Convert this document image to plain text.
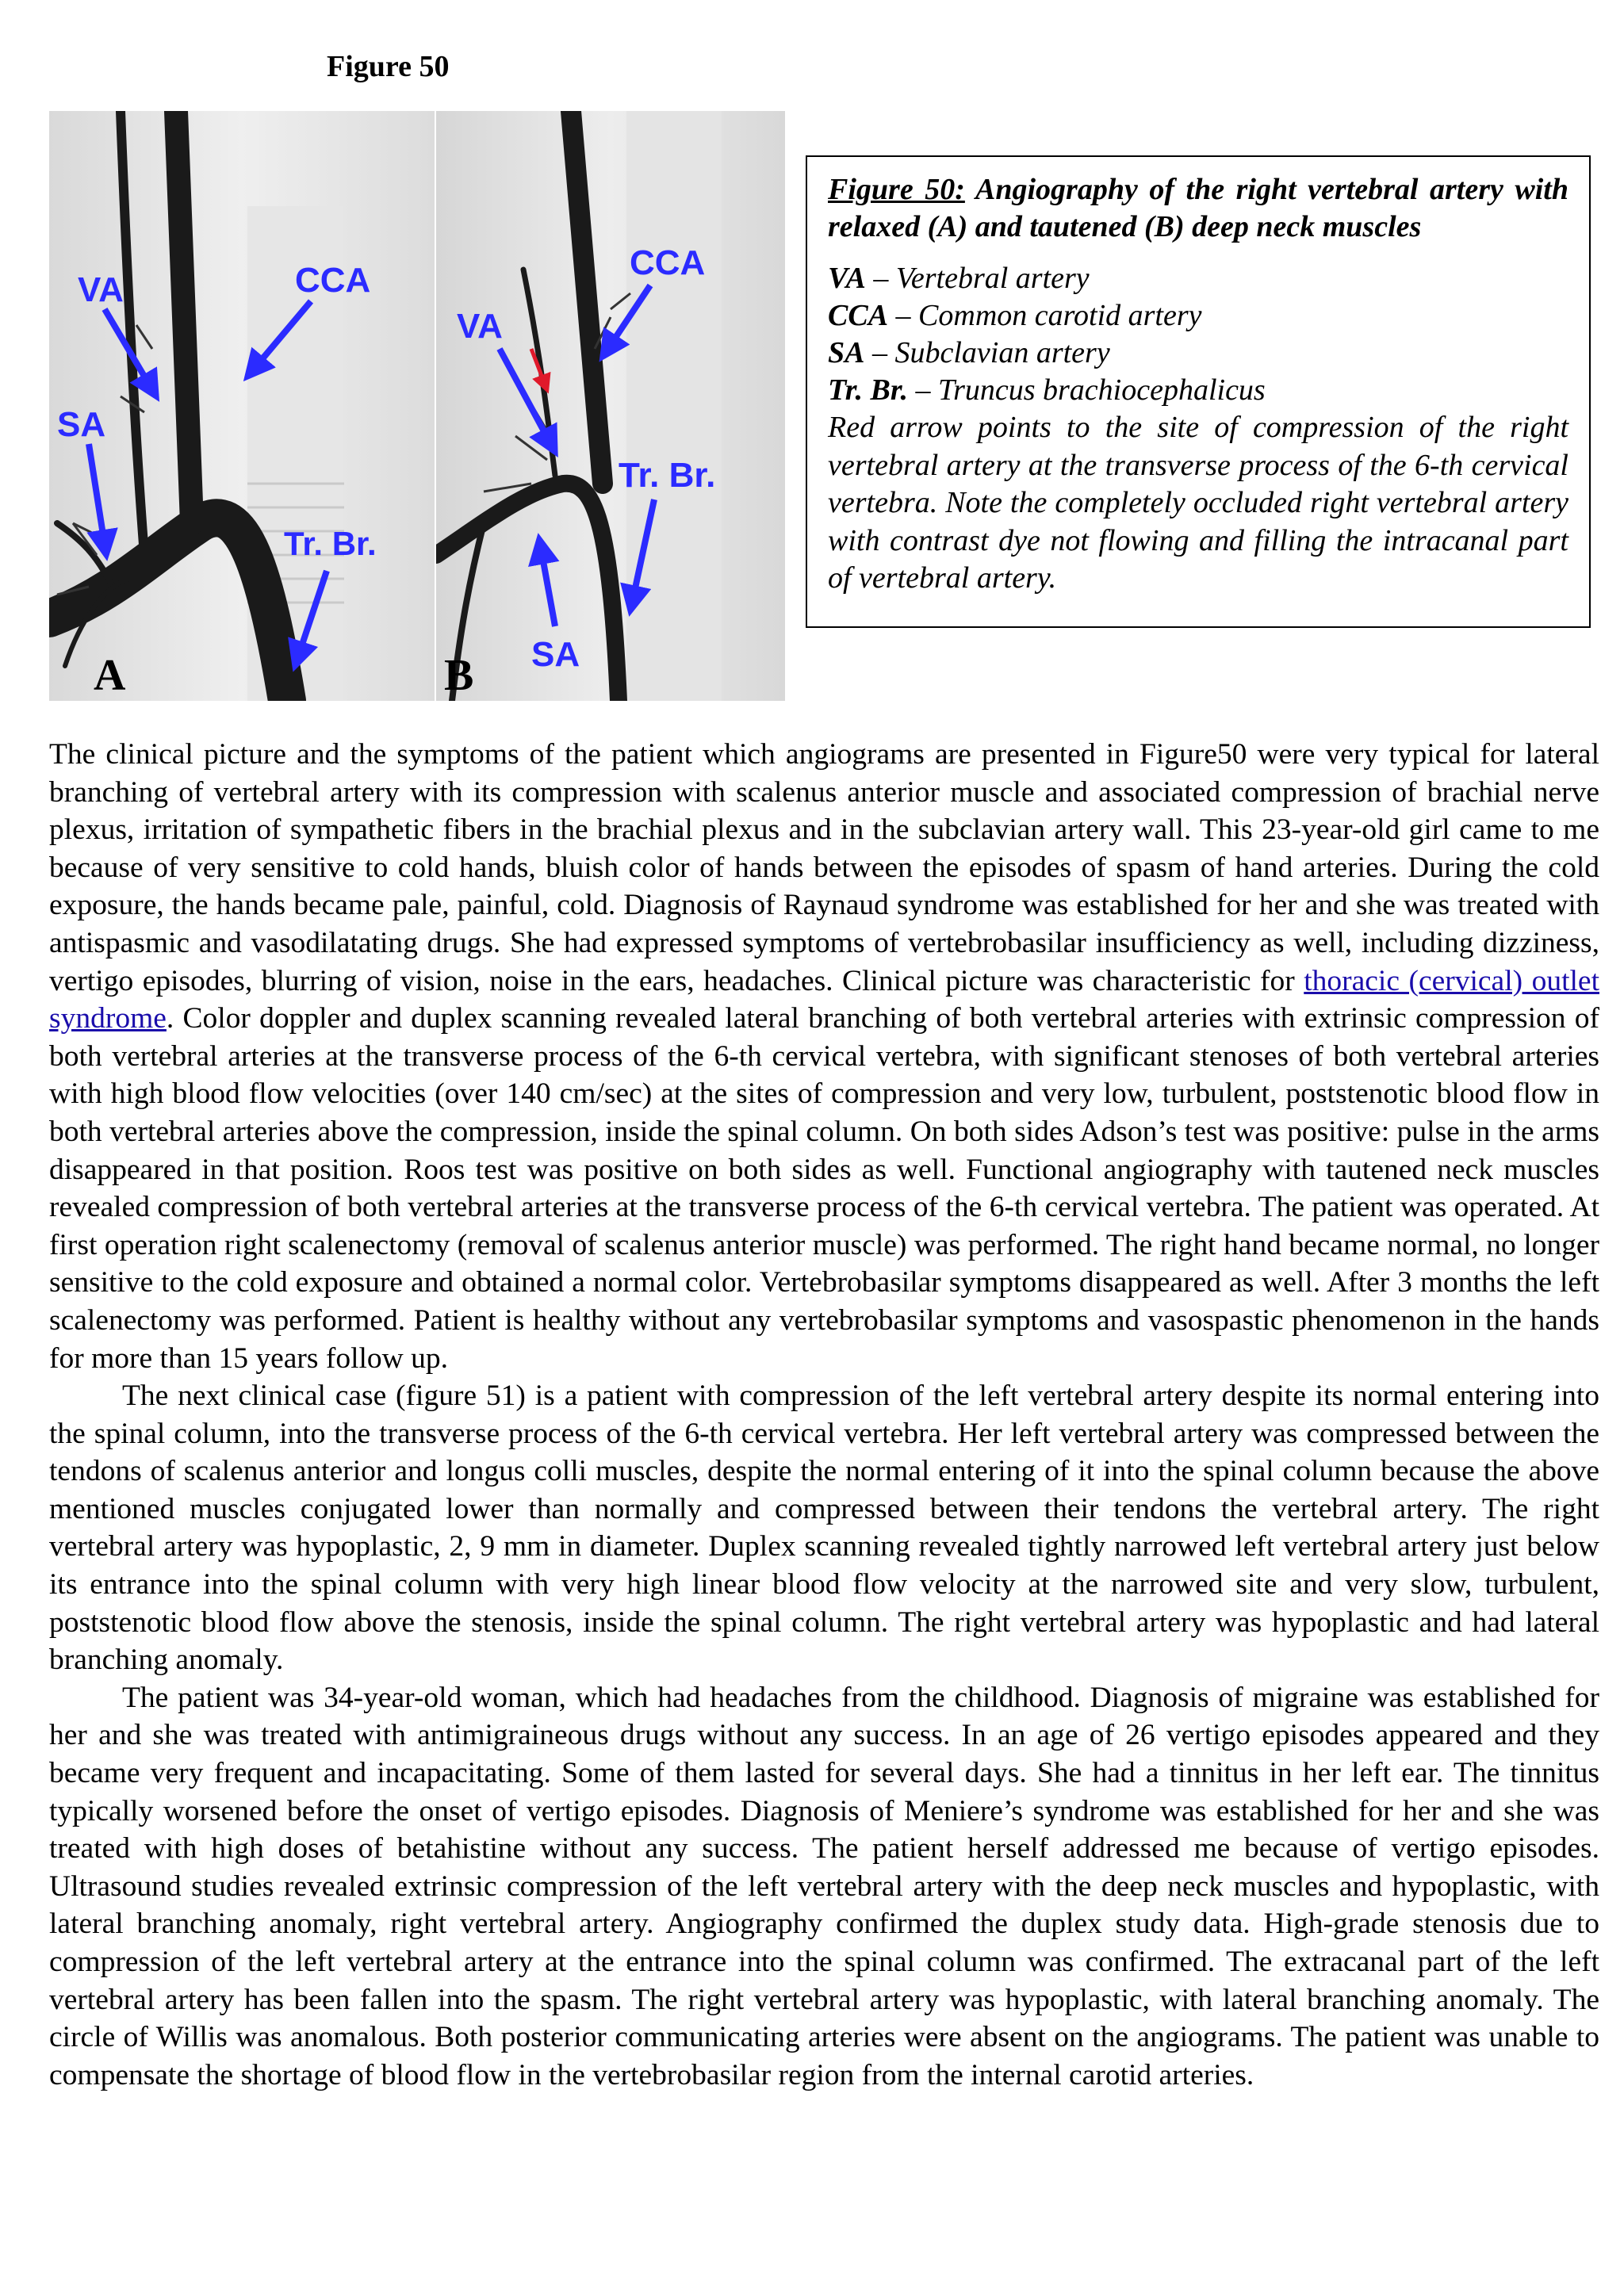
Figure 50
VA	CCA
SA
Tr. Br.
A
VA
CCA
SA
Tr. Br.
B

Figure 50: Angiography of the right vertebral artery with relaxed (A) and tautened (B) deep neck muscles

VA – Vertebral artery

CCA – Common carotid artery

SA – Subclavian artery

Tr. Br. – Truncus brachiocephalicus

Red arrow points to the site of compression of the right vertebral artery at the transverse process of the 6-th cervical vertebra. Note the completely occluded right vertebral artery with contrast dye not flowing and filling the intracanal part of vertebral artery.

The clinical picture and the symptoms of the patient which angiograms are presented in Figure50 were very typical for lateral branching of vertebral artery with its compression with scalenus anterior muscle and associated compression of brachial nerve plexus, irritation of sympathetic fibers in the brachial plexus and in the subclavian artery wall. This 23-year-old girl came to me because of very sensitive to cold hands, bluish color of hands between the episodes of spasm of hand arteries. During the cold exposure, the hands became pale, painful, cold. Diagnosis of Raynaud syndrome was established for her and she was treated with antispasmic and vasodilatating drugs. She had expressed symptoms of vertebrobasilar insufficiency as well, including dizziness, vertigo episodes, blurring of vision, noise in the ears, headaches. Clinical picture was characteristic for thoracic (cervical) outlet syndrome. Color doppler and duplex scanning revealed lateral branching of both vertebral arteries with extrinsic compression of both vertebral arteries at the transverse process of the 6-th cervical vertebra, with significant stenoses of both vertebral arteries with high blood flow velocities (over 140 cm/sec) at the sites of compression and very low, turbulent, poststenotic blood flow in both vertebral arteries above the compression, inside the spinal column. On both sides Adson’s test was positive: pulse in the arms disappeared in that position. Roos test was positive on both sides as well. Functional angiography with tautened neck muscles revealed compression of both vertebral arteries at the transverse process of the 6-th cervical vertebra. The patient was operated. At first operation right scalenectomy (removal of scalenus anterior muscle) was performed. The right hand became normal, no longer sensitive to the cold exposure and obtained a normal color. Vertebrobasilar symptoms disappeared as well. After 3 months the left scalenectomy was performed. Patient is healthy without any vertebrobasilar symptoms and vasospastic phenomenon in the hands for more than 15 years follow up.

The next clinical case (figure 51) is a patient with compression of the left vertebral artery despite its normal entering into the spinal column, into the transverse process of the 6-th cervical vertebra. Her left vertebral artery was compressed between the tendons of scalenus anterior and longus colli muscles, despite the normal entering of it into the spinal column because the above mentioned muscles conjugated lower than normally and compressed between their tendons the vertebral artery. The right vertebral artery was hypoplastic, 2, 9 mm in diameter. Duplex scanning revealed tightly narrowed left vertebral artery just below its entrance into the spinal column with very high linear blood flow velocity at the narrowed site and very slow, turbulent, poststenotic blood flow above the stenosis, inside the spinal column. The right vertebral artery was hypoplastic and had lateral branching anomaly.

The patient was 34-year-old woman, which had headaches from the childhood. Diagnosis of migraine was established for her and she was treated with antimigraineous drugs without any success. In an age of 26 vertigo episodes appeared and they became very frequent and incapacitating. Some of them lasted for several days. She had a tinnitus in her left ear. The tinnitus typically worsened before the onset of vertigo episodes. Diagnosis of Meniere’s syndrome was established for her and she was treated with high doses of betahistine without any success. The patient herself addressed me because of vertigo episodes. Ultrasound studies revealed extrinsic compression of the left vertebral artery with the deep neck muscles and hypoplastic, with lateral branching anomaly, right vertebral artery. Angiography confirmed the duplex study data. High-grade stenosis due to compression of the left vertebral artery at the entrance into the spinal column was confirmed. The extracanal part of the left vertebral artery has been fallen into the spasm. The right vertebral artery was hypoplastic, with lateral branching anomaly. The circle of Willis was anomalous. Both posterior communicating arteries were absent on the angiograms. The patient was unable to compensate the shortage of blood flow in the vertebrobasilar region from the internal carotid arteries.
